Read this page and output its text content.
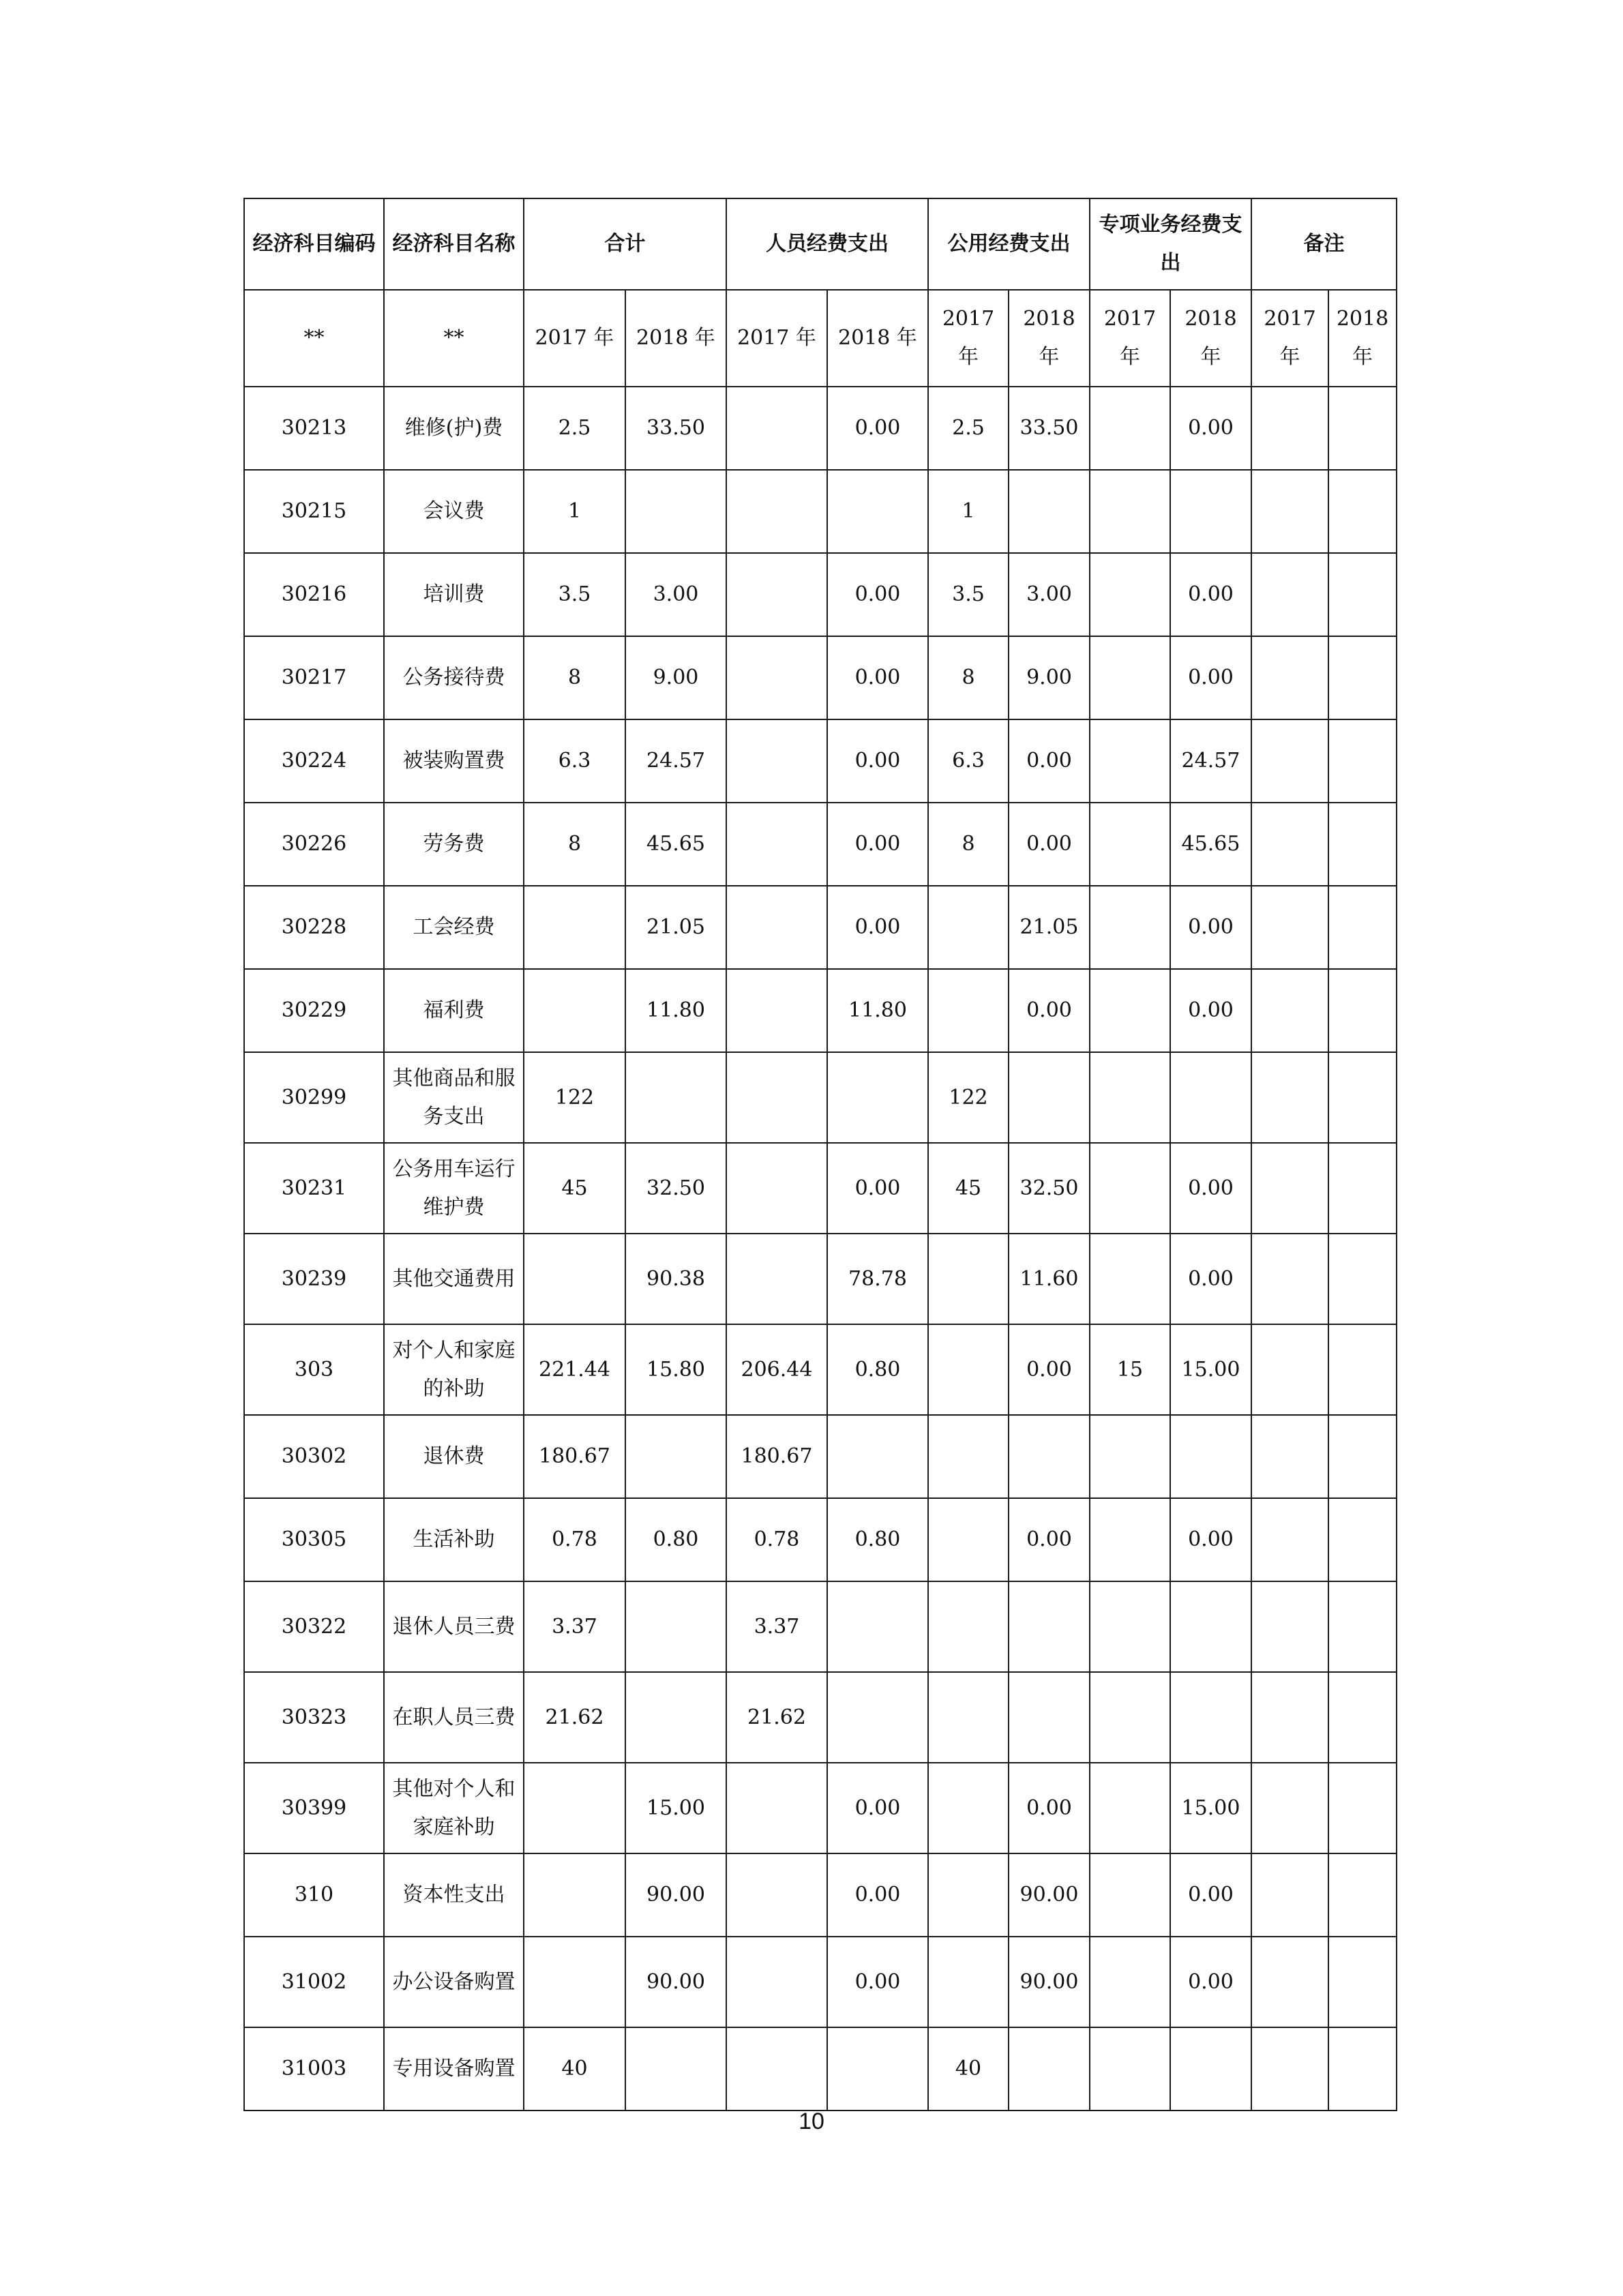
经济科目编码	经济科目名称	合计		人员经费支出		公用经费支出		专项业务经费支出		备注	
**	**	2017 年	2018 年	2017 年	2018 年	2017 年	2018 年	2017 年	2018 年	2017 年	2018 年
30213	维修(护)费	2.5	33.50		0.00	2.5	33.50		0.00		
30215	会议费	1				1					
30216	培训费	3.5	3.00		0.00	3.5	3.00		0.00		
30217	公务接待费	8	9.00		0.00	8	9.00		0.00		
30224	被装购置费	6.3	24.57		0.00	6.3	0.00		24.57		
30226	劳务费	8	45.65		0.00	8	0.00		45.65		
30228	工会经费		21.05		0.00		21.05		0.00		
30229	福利费		11.80		11.80		0.00		0.00		
30299	其他商品和服务支出	122				122					
30231	公务用车运行维护费	45	32.50		0.00	45	32.50		0.00		
30239	其他交通费用		90.38		78.78		11.60		0.00		
303	对个人和家庭的补助	221.44	15.80	206.44	0.80		0.00	15	15.00		
30302	退休费	180.67		180.67							
30305	生活补助	0.78	0.80	0.78	0.80		0.00		0.00		
30322	退休人员三费	3.37		3.37							
30323	在职人员三费	21.62		21.62							
30399	其他对个人和家庭补助		15.00		0.00		0.00		15.00		
310	资本性支出		90.00		0.00		90.00		0.00		
31002	办公设备购置		90.00		0.00		90.00		0.00		
31003	专用设备购置	40				40					
10
